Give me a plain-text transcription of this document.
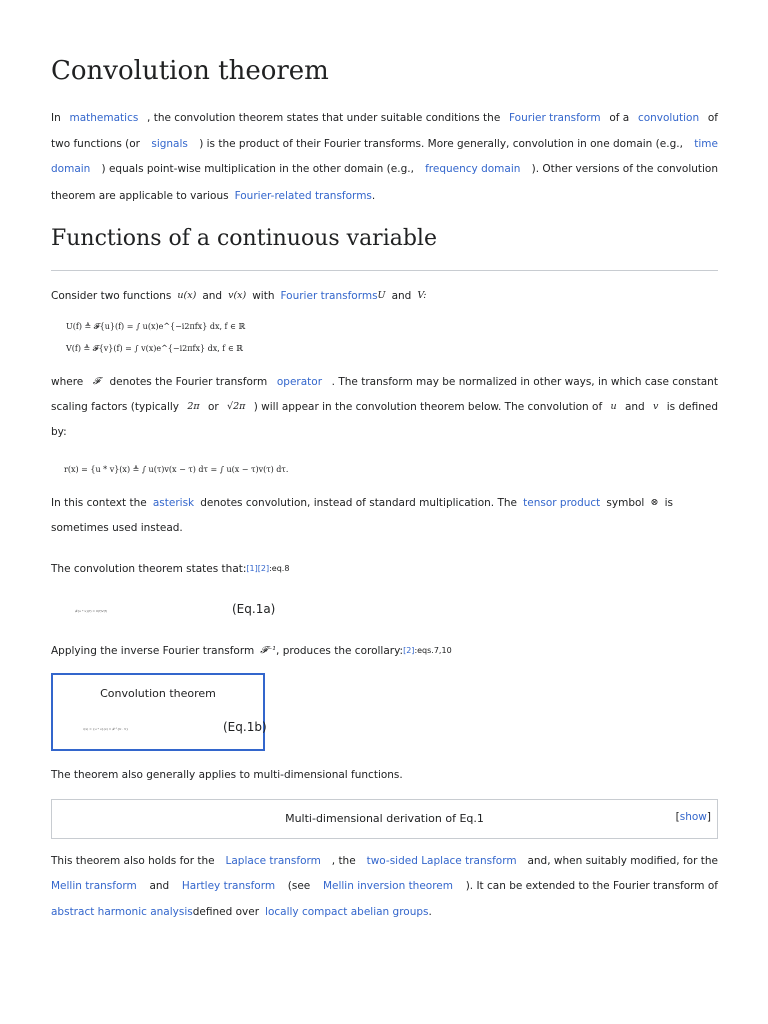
Convolution theorem
In mathematics , the convolution theorem states that under suitable conditions the Fourier transform of a convolution of
two functions (or signals ) is the product of their Fourier transforms. More generally, convolution in one domain (e.g., time
domain ) equals point-wise multiplication in the other domain (e.g., frequency domain ). Other versions of the convolution
theorem are applicable to various Fourier-related transforms .
Functions of a continuous variable
Consider two functions u(x) and v(x) with Fourier transforms U and V:
U(f) ≜ 𝓕{u}(f) = ∫ u(x)e^{−i2πfx} dx, f ∈ ℝ
V(f) ≜ 𝓕{v}(f) = ∫ v(x)e^{−i2πfx} dx, f ∈ ℝ
where 𝓕 denotes the Fourier transform operator . The transform may be normalized in other ways, in which case constant
scaling factors (typically 2π or √2π ) will appear in the convolution theorem below. The convolution of u and v is defined
by:
r(x) = {u * v}(x) ≜ ∫ u(τ)v(x − τ) dτ = ∫ u(x − τ)v(τ) dτ.
In this context the asterisk denotes convolution, instead of standard multiplication. The tensor product symbol ⊗ is
sometimes used instead.
The convolution theorem states that: [1][2] :eq.8
𝓕{u * v}(f) = U(f)V(f)	(Eq.1a)
Applying the inverse Fourier transform 𝓕⁻¹ , produces the corollary: [2] :eqs.7,10
Convolution theorem
r(x) = {u * v}(x) = 𝓕⁻¹{U · V}	(Eq.1b)
The theorem also generally applies to multi-dimensional functions.
Multi-dimensional derivation of Eq.1	[show]
This theorem also holds for the Laplace transform , the two-sided Laplace transform and, when suitably modified, for the
Mellin transform and Hartley transform (see Mellin inversion theorem ). It can be extended to the Fourier transform of
abstract harmonic analysis defined over locally compact abelian groups .
